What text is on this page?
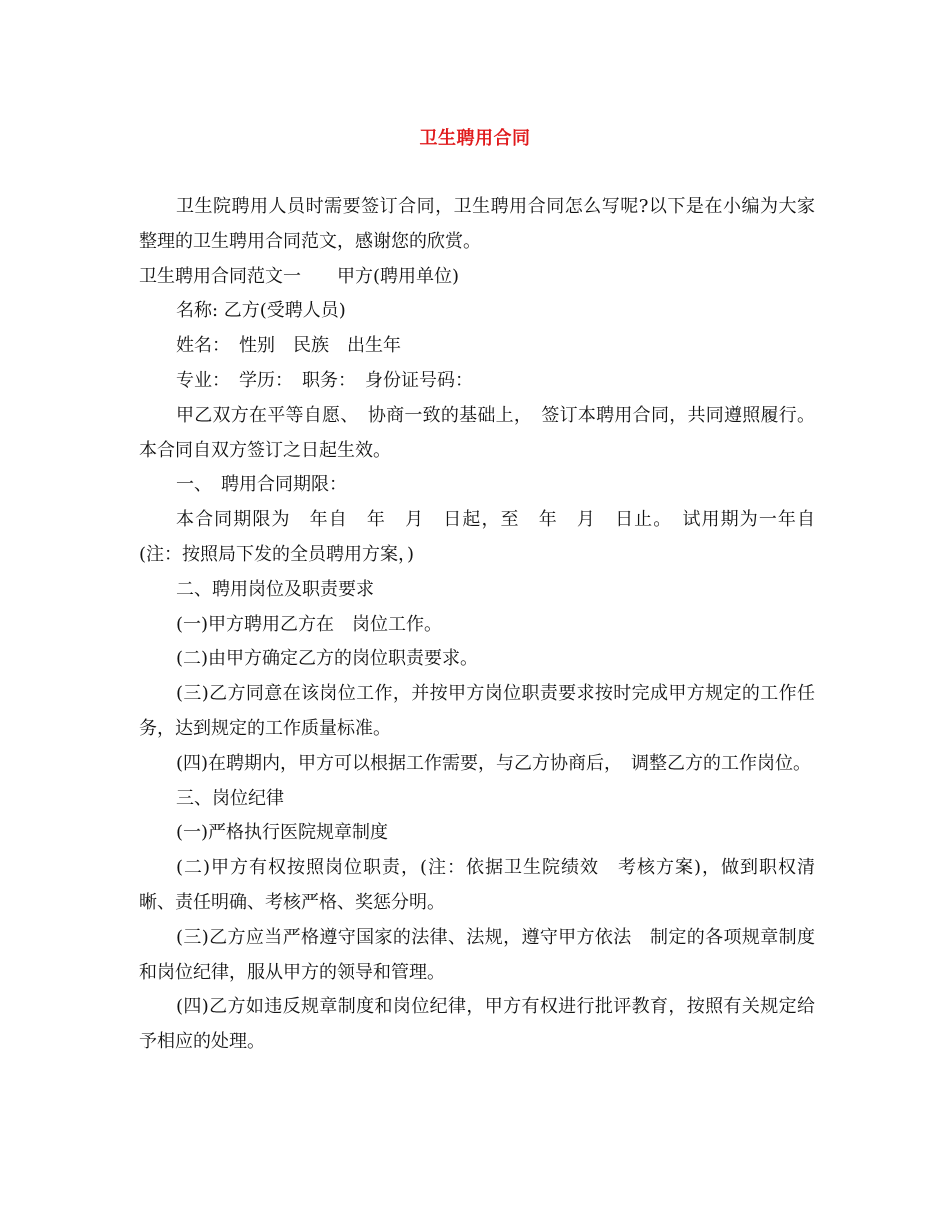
卫生聘用合同

卫生院聘用人员时需要签订合同，卫生聘用合同怎么写呢?以下是在小编为大家整理的卫生聘用合同范文，感谢您的欣赏。

卫生聘用合同范文一　　甲方(聘用单位)

名称: 乙方(受聘人员)

姓名：　性别　民族　出生年

专业：　学历：　职务：　身份证号码：

甲乙双方在平等自愿、　协商一致的基础上，　签订本聘用合同，共同遵照履行。本合同自双方签订之日起生效。

一、　聘用合同期限：

本合同期限为　年自　年　月　日起，至　年　月　日止。　试用期为一年自　(注：按照局下发的全员聘用方案，)

二、聘用岗位及职责要求

(一)甲方聘用乙方在　岗位工作。

(二)由甲方确定乙方的岗位职责要求。

(三)乙方同意在该岗位工作，并按甲方岗位职责要求按时完成甲方规定的工作任务，达到规定的工作质量标准。

(四)在聘期内，甲方可以根据工作需要，与乙方协商后，　调整乙方的工作岗位。

三、岗位纪律

(一)严格执行医院规章制度

(二)甲方有权按照岗位职责，(注：依据卫生院绩效　考核方案)，做到职权清晰、责任明确、考核严格、奖惩分明。

(三)乙方应当严格遵守国家的法律、法规，遵守甲方依法　制定的各项规章制度和岗位纪律，服从甲方的领导和管理。

(四)乙方如违反规章制度和岗位纪律，甲方有权进行批评教育，按照有关规定给予相应的处理。
